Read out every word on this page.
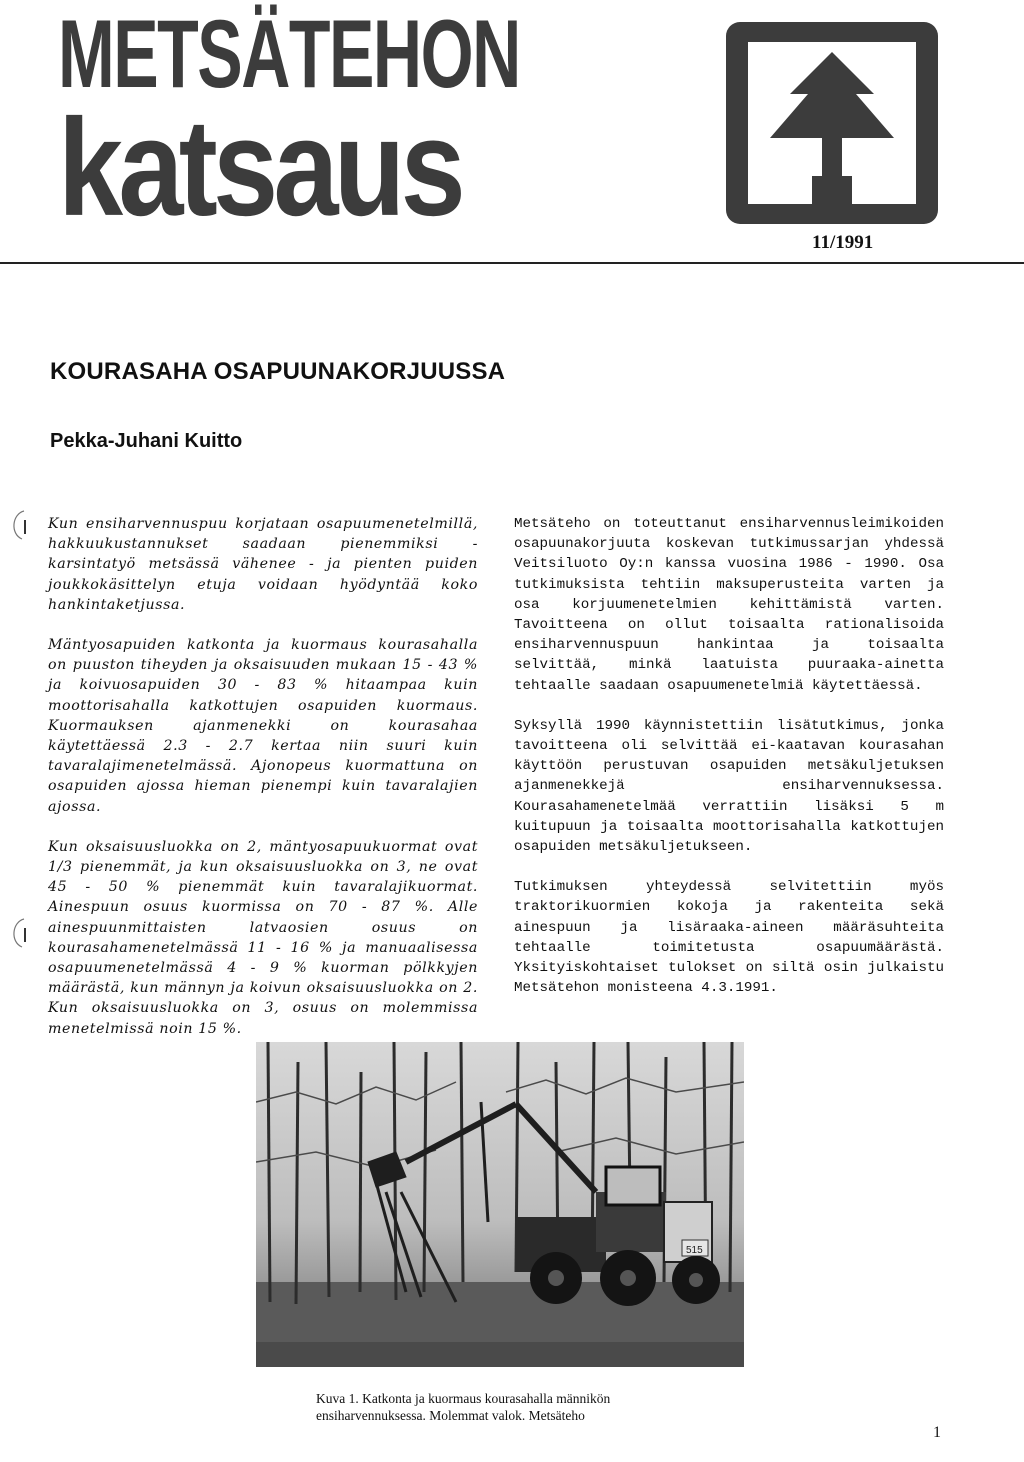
METSÄTEHON
katsaus	11/1991
KOURASAHA OSAPUUNAKORJUUSSA
Pekka-Juhani Kuitto

Kun ensiharvennuspuu korjataan osapuumenetelmillä, hakkuukustannukset saadaan pienemmiksi - karsintatyö metsässä vähenee - ja pienten puiden joukkokäsittelyn etuja voidaan hyödyntää koko hankintaketjussa.

Mäntyosapuiden katkonta ja kuormaus kourasahalla on puuston tiheyden ja oksaisuuden mukaan 15 - 43 % ja koivuosapuiden 30 - 83 % hitaampaa kuin moottorisahalla katkottujen osapuiden kuormaus. Kuormauksen ajanmenekki on kourasahaa käytettäessä 2.3 - 2.7 kertaa niin suuri kuin tavaralajimenetelmässä. Ajonopeus kuormattuna on osapuiden ajossa hieman pienempi kuin tavaralajien ajossa.

Kun oksaisuusluokka on 2, mäntyosapuukuormat ovat 1/3 pienemmät, ja kun oksaisuusluokka on 3, ne ovat 45 - 50 % pienemmät kuin tavaralajikuormat. Ainespuun osuus kuormissa on 70 - 87 %. Alle ainespuunmittaisten latvaosien osuus on kourasahamenetelmässä 11 - 16 % ja manuaalisessa osapuumenetelmässä 4 - 9 % kuorman pölkkyjen määrästä, kun männyn ja koivun oksaisuusluokka on 2. Kun oksaisuusluokka on 3, osuus on molemmissa menetelmissä noin 15 %.

Metsäteho on toteuttanut ensiharvennusleimikoiden osapuunakorjuuta koskevan tutkimussarjan yhdessä Veitsiluoto Oy:n kanssa vuosina 1986 - 1990. Osa tutkimuksista tehtiin maksuperusteita varten ja osa korjuumenetelmien kehittämistä varten. Tavoitteena on ollut toisaalta rationalisoida ensiharvennuspuun hankintaa ja toisaalta selvittää, minkä laatuista puuraaka-ainetta tehtaalle saadaan osapuumenetelmiä käytettäessä.

Syksyllä 1990 käynnistettiin lisätutkimus, jonka tavoitteena oli selvittää ei-kaatavan kourasahan käyttöön perustuvan osapuiden metsäkuljetuksen ajanmenekkejä ensiharvennuksessa. Kourasahamenetelmää verrattiin lisäksi 5 m kuitupuun ja toisaalta moottorisahalla katkottujen osapuiden metsäkuljetukseen.

Tutkimuksen yhteydessä selvitettiin myös traktorikuormien kokoja ja rakenteita sekä ainespuun ja lisäraaka-aineen määräsuhteita tehtaalle toimitetusta osapuumäärästä. Yksityiskohtaiset tulokset on siltä osin julkaistu Metsätehon monisteena 4.3.1991.

515
Kuva 1. Katkonta ja kuormaus kourasahalla männikön ensiharvennuksessa. Molemmat valok. Metsäteho
1
